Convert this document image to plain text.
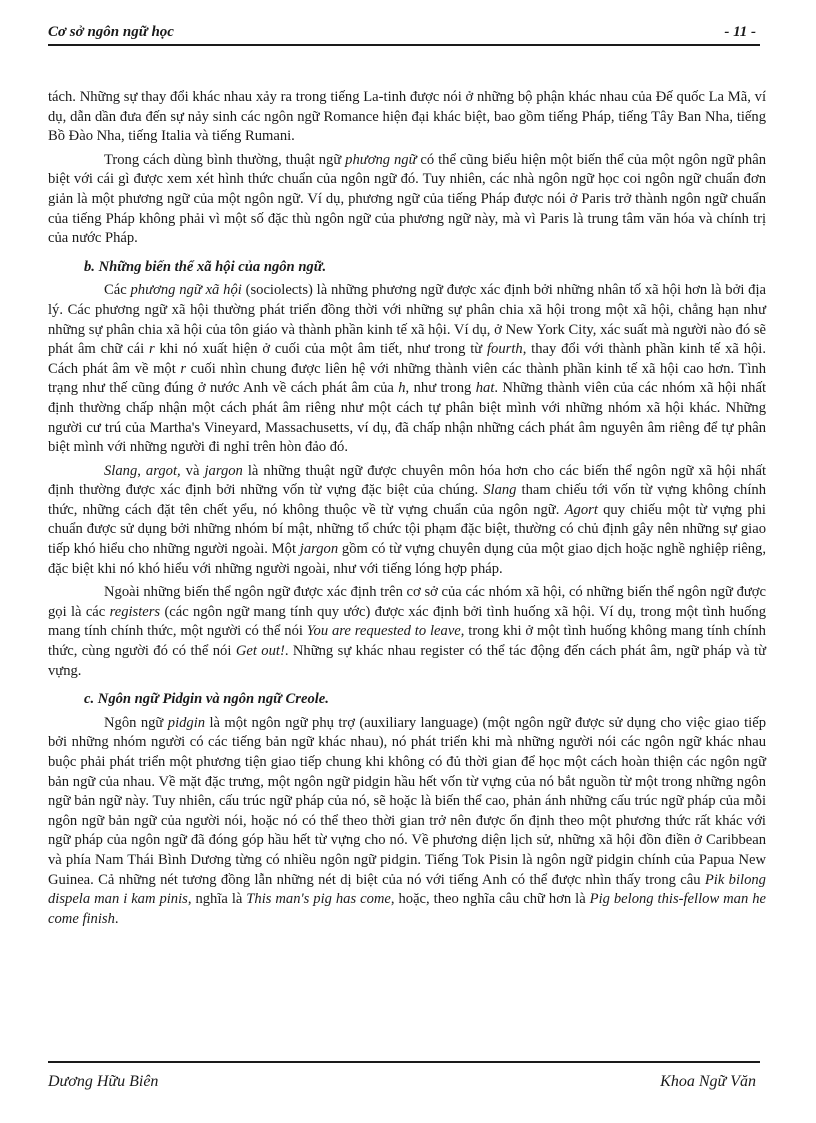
Cơ sở ngôn ngữ học	- 11 -

tách. Những sự thay đổi khác nhau xảy ra trong tiếng La-tinh được nói ở những bộ phận khác nhau của Đế quốc La Mã, ví dụ, dẫn dần đưa đến sự nảy sinh các ngôn ngữ Romance hiện đại khác biệt, bao gồm tiếng Pháp, tiếng Tây Ban Nha, tiếng Bồ Đào Nha, tiếng Italia và tiếng Rumani.

Trong cách dùng bình thường, thuật ngữ phương ngữ có thể cũng biểu hiện một biến thể của một ngôn ngữ phân biệt với cái gì được xem xét hình thức chuẩn của ngôn ngữ đó. Tuy nhiên, các nhà ngôn ngữ học coi ngôn ngữ chuẩn đơn giản là một phương ngữ của một ngôn ngữ. Ví dụ, phương ngữ của tiếng Pháp được nói ở Paris trở thành ngôn ngữ chuẩn của tiếng Pháp không phải vì một số đặc thù ngôn ngữ của phương ngữ này, mà vì Paris là trung tâm văn hóa và chính trị của nước Pháp.

b. Những biến thể xã hội của ngôn ngữ.

Các phương ngữ xã hội (sociolects) là những phương ngữ được xác định bởi những nhân tố xã hội hơn là bởi địa lý. Các phương ngữ xã hội thường phát triển đồng thời với những sự phân chia xã hội trong một xã hội, chẳng hạn như những sự phân chia xã hội của tôn giáo và thành phần kinh tế xã hội. Ví dụ, ở New York City, xác suất mà người nào đó sẽ phát âm chữ cái r khi nó xuất hiện ở cuối của một âm tiết, như trong từ fourth, thay đổi với thành phần kinh tế xã hội. Cách phát âm về một r cuối nhìn chung được liên hệ với những thành viên các thành phần kinh tế xã hội cao hơn. Tình trạng như thế cũng đúng ở nước Anh về cách phát âm của h, như trong hat. Những thành viên của các nhóm xã hội nhất định thường chấp nhận một cách phát âm riêng như một cách tự phân biệt mình với những nhóm xã hội khác. Những người cư trú của Martha's Vineyard, Massachusetts, ví dụ, đã chấp nhận những cách phát âm nguyên âm riêng để tự phân biệt mình với những người đi nghỉ trên hòn đảo đó.

Slang, argot, và jargon là những thuật ngữ được chuyên môn hóa hơn cho các biến thể ngôn ngữ xã hội nhất định thường được xác định bởi những vốn từ vựng đặc biệt của chúng. Slang tham chiếu tới vốn từ vựng không chính thức, những cách đặt tên chết yểu, nó không thuộc về từ vựng chuẩn của ngôn ngữ. Agort quy chiếu một từ vựng phi chuẩn được sử dụng bởi những nhóm bí mật, những tổ chức tội phạm đặc biệt, thường có chủ định gây nên những sự giao tiếp khó hiểu cho những người ngoài. Một jargon gồm có từ vựng chuyên dụng của một giao dịch hoặc nghề nghiệp riêng, đặc biệt khi nó khó hiểu với những người ngoài, như với tiếng lóng hợp pháp.

Ngoài những biến thể ngôn ngữ được xác định trên cơ sở của các nhóm xã hội, có những biến thể ngôn ngữ được gọi là các registers (các ngôn ngữ mang tính quy ước) được xác định bởi tình huống xã hội. Ví dụ, trong một tình huống mang tính chính thức, một người có thể nói You are requested to leave, trong khi ở một tình huống không mang tính chính thức, cùng người đó có thể nói Get out!. Những sự khác nhau register có thể tác động đến cách phát âm, ngữ pháp và từ vựng.

c. Ngôn ngữ Pidgin và ngôn ngữ Creole.

Ngôn ngữ pidgin là một ngôn ngữ phụ trợ (auxiliary language) (một ngôn ngữ được sử dụng cho việc giao tiếp bởi những nhóm người có các tiếng bản ngữ khác nhau), nó phát triển khi mà những người nói các ngôn ngữ khác nhau buộc phải phát triển một phương tiện giao tiếp chung khi không có đủ thời gian để học một cách hoàn thiện các ngôn ngữ bản ngữ của nhau. Về mặt đặc trưng, một ngôn ngữ pidgin hầu hết vốn từ vựng của nó bắt nguồn từ một trong những ngôn ngữ bản ngữ này. Tuy nhiên, cấu trúc ngữ pháp của nó, sẽ hoặc là biến thể cao, phản ánh những cấu trúc ngữ pháp của mỗi ngôn ngữ bản ngữ của người nói, hoặc nó có thể theo thời gian trở nên được ổn định theo một phương thức rất khác với ngữ pháp của ngôn ngữ đã đóng góp hầu hết từ vựng cho nó. Về phương diện lịch sử, những xã hội đồn điền ở Caribbean và phía Nam Thái Bình Dương từng có nhiều ngôn ngữ pidgin. Tiếng Tok Pisin là ngôn ngữ pidgin chính của Papua New Guinea. Cả những nét tương đồng lẫn những nét dị biệt của nó với tiếng Anh có thể được nhìn thấy trong câu Pik bilong dispela man i kam pinis, nghĩa là This man's pig has come, hoặc, theo nghĩa câu chữ hơn là Pig belong this-fellow man he come finish.

Dương Hữu Biên	Khoa Ngữ Văn
